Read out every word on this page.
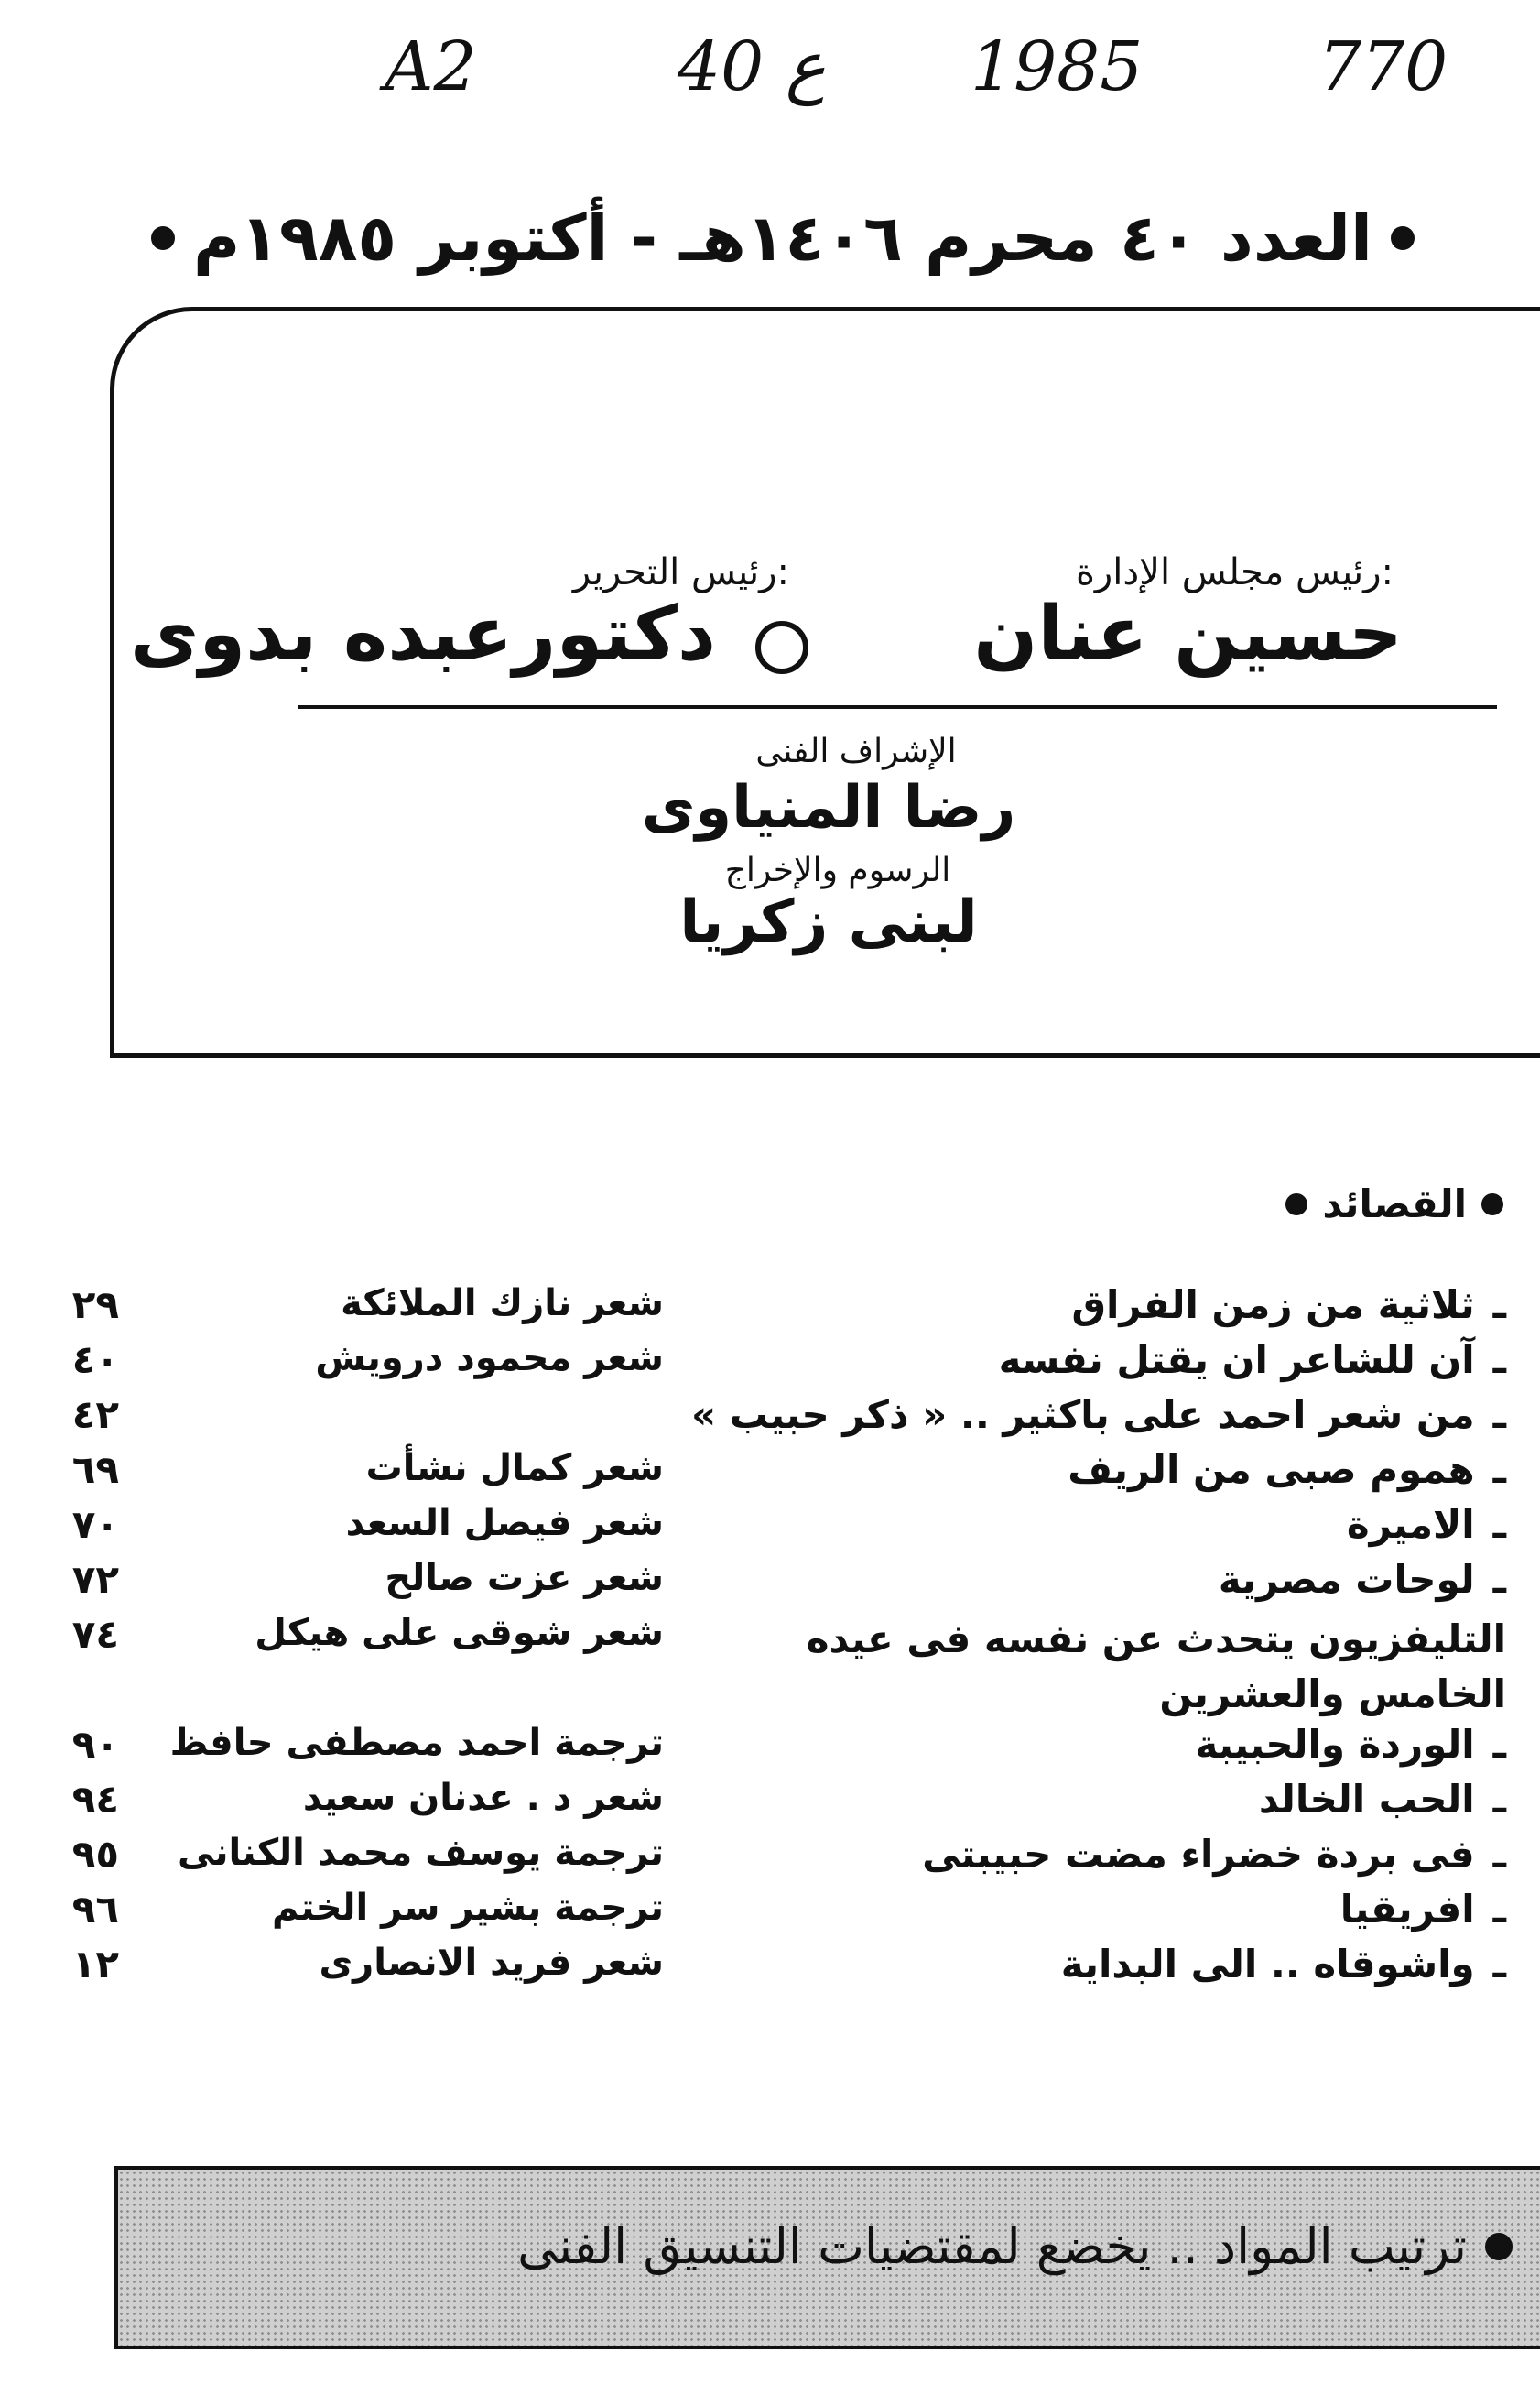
A2	40 ع 1985	770
العدد ٤٠ محرم ١٤٠٦هـ - أكتوبر ١٩٨٥م
رئيس مجلس الإدارة:
رئيس التحرير:
حسين عنان
دكتورعبده بدوى
الإشراف الفنى
رضا المنياوى
الرسوم والإخراج
لبنى زكريا
القصائد
ـثلاثية من زمن الفراق
شعر نازك الملائكة
٢٩
ـآن للشاعر ان يقتل نفسه
شعر محمود درويش
٤٠
ـمن شعر احمد على باكثير .. « ذكر حبيب »
٤٢
ـهموم صبى من الريف
شعر كمال نشأت
٦٩
ـالاميرة
شعر فيصل السعد
٧٠
ـلوحات مصرية
شعر عزت صالح
٧٢
التليفزيون يتحدث عن نفسه فى عيده الخامس والعشرين
شعر شوقى على هيكل
٧٤
ـالوردة والحبيبة
ترجمة احمد مصطفى حافظ
٩٠
ـالحب الخالد
شعر د . عدنان سعيد
٩٤
ـفى بردة خضراء مضت حبيبتى
ترجمة يوسف محمد الكنانى
٩٥
ـافريقيا
ترجمة بشير سر الختم
٩٦
ـواشوقاه .. الى البداية
شعر فريد الانصارى
١٢
ترتيب المواد .. يخضع لمقتضيات التنسيق الفنى
